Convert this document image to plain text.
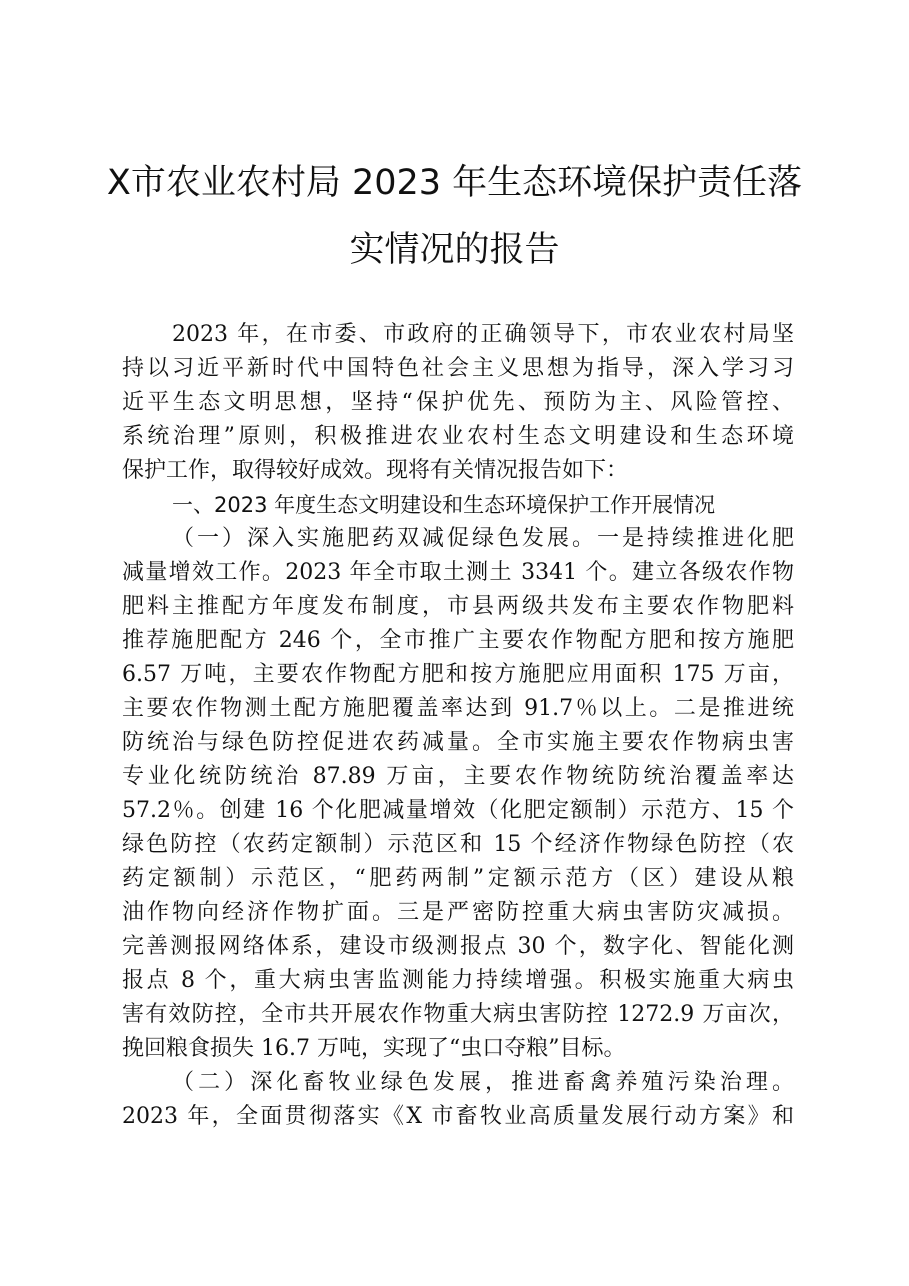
X市农业农村局 2023 年生态环境保护责任落
实情况的报告
2023 年，在市委、市政府的正确领导下，市农业农村局坚
持以习近平新时代中国特色社会主义思想为指导，深入学习习
近平生态文明思想，坚持“保护优先、预防为主、风险管控、
系统治理”原则，积极推进农业农村生态文明建设和生态环境
保护工作，取得较好成效。现将有关情况报告如下：
一、2023 年度生态文明建设和生态环境保护工作开展情况
（一）深入实施肥药双减促绿色发展。一是持续推进化肥
减量增效工作。2023 年全市取土测土 3341 个。建立各级农作物
肥料主推配方年度发布制度，市县两级共发布主要农作物肥料
推荐施肥配方 246 个，全市推广主要农作物配方肥和按方施肥
6.57 万吨，主要农作物配方肥和按方施肥应用面积 175 万亩，
主要农作物测土配方施肥覆盖率达到 91.7％以上。二是推进统
防统治与绿色防控促进农药减量。全市实施主要农作物病虫害
专业化统防统治 87.89 万亩，主要农作物统防统治覆盖率达
57.2％。创建 16 个化肥减量增效（化肥定额制）示范方、15 个
绿色防控（农药定额制）示范区和 15 个经济作物绿色防控（农
药定额制）示范区，“肥药两制”定额示范方（区）建设从粮
油作物向经济作物扩面。三是严密防控重大病虫害防灾减损。
完善测报网络体系，建设市级测报点 30 个，数字化、智能化测
报点 8 个，重大病虫害监测能力持续增强。积极实施重大病虫
害有效防控，全市共开展农作物重大病虫害防控 1272.9 万亩次，
挽回粮食损失 16.7 万吨，实现了“虫口夺粮”目标。
（二）深化畜牧业绿色发展，推进畜禽养殖污染治理。
2023 年，全面贯彻落实《X 市畜牧业高质量发展行动方案》和
